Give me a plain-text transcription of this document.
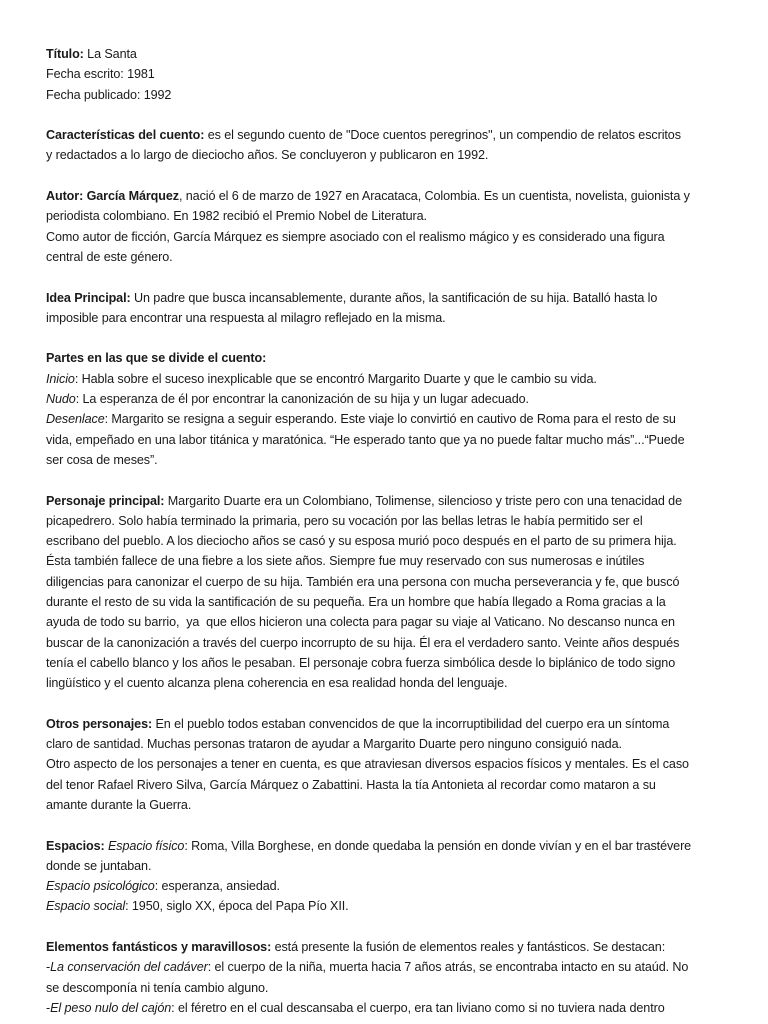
Título: La Santa
Fecha escrito: 1981
Fecha publicado: 1992
Características del cuento: es el segundo cuento de "Doce cuentos peregrinos", un compendio de relatos escritos
y redactados a lo largo de dieciocho años. Se concluyeron y publicaron en 1992.
Autor: García Márquez, nació el 6 de marzo de 1927 en Aracataca, Colombia. Es un cuentista, novelista, guionista y
periodista colombiano. En 1982 recibió el Premio Nobel de Literatura.
Como autor de ficción, García Márquez es siempre asociado con el realismo mágico y es considerado una figura
central de este género.
Idea Principal: Un padre que busca incansablemente, durante años, la santificación de su hija. Batalló hasta lo
imposible para encontrar una respuesta al milagro reflejado en la misma.
Partes en las que se divide el cuento:
Inicio: Habla sobre el suceso inexplicable que se encontró Margarito Duarte y que le cambio su vida.
Nudo: La esperanza de él por encontrar la canonización de su hija y un lugar adecuado.
Desenlace: Margarito se resigna a seguir esperando. Este viaje lo convirtió en cautivo de Roma para el resto de su
vida, empeñado en una labor titánica y maratónica. “He esperado tanto que ya no puede faltar mucho más”...“Puede
ser cosa de meses”.
Personaje principal: Margarito Duarte era un Colombiano, Tolimense, silencioso y triste pero con una tenacidad de
picapedrero. Solo había terminado la primaria, pero su vocación por las bellas letras le había permitido ser el
escribano del pueblo. A los dieciocho años se casó y su esposa murió poco después en el parto de su primera hija.
Ésta también fallece de una fiebre a los siete años. Siempre fue muy reservado con sus numerosas e inútiles
diligencias para canonizar el cuerpo de su hija. También era una persona con mucha perseverancia y fe, que buscó
durante el resto de su vida la santificación de su pequeña. Era un hombre que había llegado a Roma gracias a la
ayuda de todo su barrio,  ya  que ellos hicieron una colecta para pagar su viaje al Vaticano. No descanso nunca en
buscar de la canonización a través del cuerpo incorrupto de su hija. Él era el verdadero santo. Veinte años después
tenía el cabello blanco y los años le pesaban. El personaje cobra fuerza simbólica desde lo biplánico de todo signo
lingüístico y el cuento alcanza plena coherencia en esa realidad honda del lenguaje.
Otros personajes: En el pueblo todos estaban convencidos de que la incorruptibilidad del cuerpo era un síntoma
claro de santidad. Muchas personas trataron de ayudar a Margarito Duarte pero ninguno consiguió nada.
Otro aspecto de los personajes a tener en cuenta, es que atraviesan diversos espacios físicos y mentales. Es el caso
del tenor Rafael Rivero Silva, García Márquez o Zabattini. Hasta la tía Antonieta al recordar como mataron a su
amante durante la Guerra.
Espacios: Espacio físico: Roma, Villa Borghese, en donde quedaba la pensión en donde vivían y en el bar trastévere
donde se juntaban.
Espacio psicológico: esperanza, ansiedad.
Espacio social: 1950, siglo XX, época del Papa Pío XII.
Elementos fantásticos y maravillosos: está presente la fusión de elementos reales y fantásticos. Se destacan:
-La conservación del cadáver: el cuerpo de la niña, muerta hacia 7 años atrás, se encontraba intacto en su ataúd. No
se descomponía ni tenía cambio alguno.
-El peso nulo del cajón: el féretro en el cual descansaba el cuerpo, era tan liviano como si no tuviera nada dentro
